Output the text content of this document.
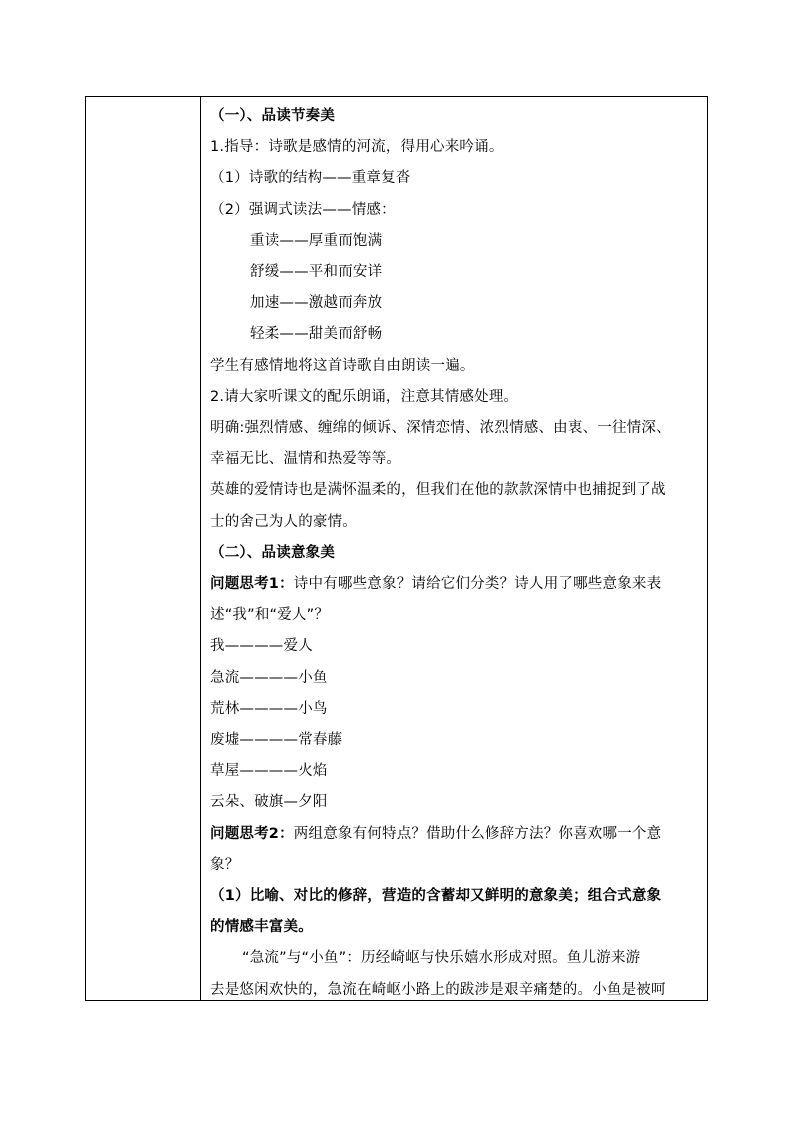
（一）、品读节奏美
1.指导：诗歌是感情的河流，得用心来吟诵。
（1）诗歌的结构——重章复沓
（2）强调式读法——情感：
重读——厚重而饱满
舒缓——平和而安详
加速——激越而奔放
轻柔——甜美而舒畅
学生有感情地将这首诗歌自由朗读一遍。
2.请大家听课文的配乐朗诵，注意其情感处理。
明确:强烈情感、缠绵的倾诉、深情恋情、浓烈情感、由衷、一往情深、
幸福无比、温情和热爱等等。
英雄的爱情诗也是满怀温柔的，但我们在他的款款深情中也捕捉到了战
士的舍己为人的豪情。
（二）、品读意象美
问题思考1：诗中有哪些意象？请给它们分类？诗人用了哪些意象来表
述“我”和“爱人”？
我————爱人
急流————小鱼
荒林————小鸟
废墟————常春藤
草屋————火焰
云朵、破旗—夕阳
问题思考2：两组意象有何特点？借助什么修辞方法？你喜欢哪一个意
象？
（1）比喻、对比的修辞，营造的含蓄却又鲜明的意象美；组合式意象
的情感丰富美。
“急流”与“小鱼”：历经崎岖与快乐嬉水形成对照。鱼儿游来游
去是悠闲欢快的，急流在崎岖小路上的跋涉是艰辛痛楚的。小鱼是被呵
